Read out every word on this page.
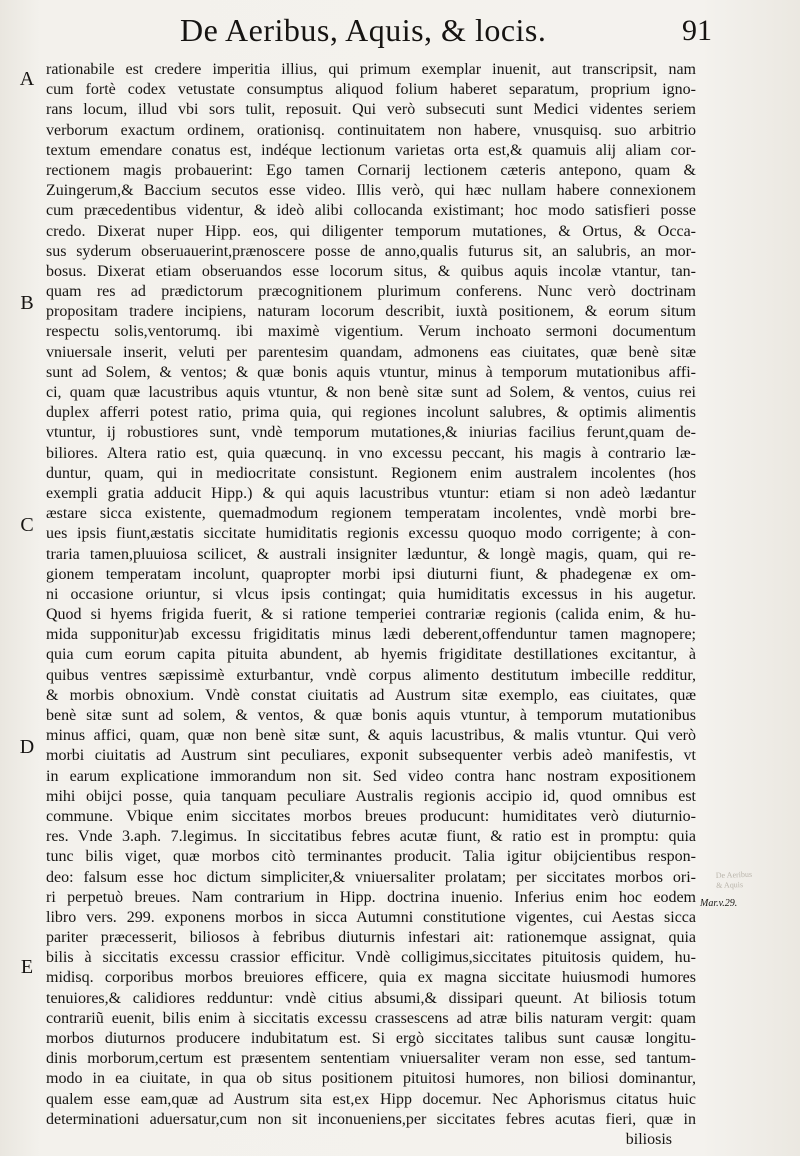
De Aeribus, Aquis, & locis.	91
A
B
C
D
E
De Aeribus
& Aquis
Mar.v.29.
rationabile est credere imperitia illius, qui primum exemplar inuenit, aut transcripsit, nam
cum fortè codex vetustate consumptus aliquod folium haberet separatum, proprium igno-
rans locum, illud vbi sors tulit, reposuit. Qui verò subsecuti sunt Medici videntes seriem
verborum exactum ordinem, orationisq. continuitatem non habere, vnusquisq. suo arbitrio
textum emendare conatus est, indéque lectionum varietas orta est,& quamuis alij aliam cor-
rectionem magis probauerint: Ego tamen Cornarij lectionem cæteris antepono, quam &
Zuingerum,& Baccium secutos esse video. Illis verò, qui hæc nullam habere connexionem
cum præcedentibus videntur, & ideò alibi collocanda existimant; hoc modo satisfieri posse
credo. Dixerat nuper Hipp. eos, qui diligenter temporum mutationes, & Ortus, & Occa-
sus syderum obseruauerint,prænoscere posse de anno,qualis futurus sit, an salubris, an mor-
bosus. Dixerat etiam obseruandos esse locorum situs, & quibus aquis incolæ vtantur, tan-
quam res ad prædictorum præcognitionem plurimum conferens. Nunc verò doctrinam
propositam tradere incipiens, naturam locorum describit, iuxtà positionem, & eorum situm
respectu solis,ventorumq. ibi maximè vigentium. Verum inchoato sermoni documentum
vniuersale inserit, veluti per parentesim quandam, admonens eas ciuitates, quæ benè sitæ
sunt ad Solem, & ventos; & quæ bonis aquis vtuntur, minus à temporum mutationibus affi-
ci, quam quæ lacustribus aquis vtuntur, & non benè sitæ sunt ad Solem, & ventos, cuius rei
duplex afferri potest ratio, prima quia, qui regiones incolunt salubres, & optimis alimentis
vtuntur, ij robustiores sunt, vndè temporum mutationes,& iniurias facilius ferunt,quam de-
biliores. Altera ratio est, quia quæcunq. in vno excessu peccant, his magis à contrario læ-
duntur, quam, qui in mediocritate consistunt. Regionem enim australem incolentes (hos
exempli gratia adducit Hipp.) & qui aquis lacustribus vtuntur: etiam si non adeò lædantur
æstare sicca existente, quemadmodum regionem temperatam incolentes, vndè morbi bre-
ues ipsis fiunt,æstatis siccitate humiditatis regionis excessu quoquo modo corrigente; à con-
traria tamen,pluuiosa scilicet, & australi insigniter læduntur, & longè magis, quam, qui re-
gionem temperatam incolunt, quapropter morbi ipsi diuturni fiunt, & phadegenæ ex om-
ni occasione oriuntur, si vlcus ipsis contingat; quia humiditatis excessus in his augetur.
Quod si hyems frigida fuerit, & si ratione temperiei contrariæ regionis (calida enim, & hu-
mida supponitur)ab excessu frigiditatis minus lædi deberent,offenduntur tamen magnopere;
quia cum eorum capita pituita abundent, ab hyemis frigiditate destillationes excitantur, à
quibus ventres sæpissimè exturbantur, vndè corpus alimento destitutum imbecille redditur,
& morbis obnoxium. Vndè constat ciuitatis ad Austrum sitæ exemplo, eas ciuitates, quæ
benè sitæ sunt ad solem, & ventos, & quæ bonis aquis vtuntur, à temporum mutationibus
minus affici, quam, quæ non benè sitæ sunt, & aquis lacustribus, & malis vtuntur. Qui verò
morbi ciuitatis ad Austrum sint peculiares, exponit subsequenter verbis adeò manifestis, vt
in earum explicatione immorandum non sit. Sed video contra hanc nostram expositionem
mihi obijci posse, quia tanquam peculiare Australis regionis accipio id, quod omnibus est
commune. Vbique enim siccitates morbos breues producunt: humiditates verò diuturnio-
res. Vnde 3.aph. 7.legimus. In siccitatibus febres acutæ fiunt, & ratio est in promptu: quia
tunc bilis viget, quæ morbos citò terminantes producit. Talia igitur obijcientibus respon-
deo: falsum esse hoc dictum simpliciter,& vniuersaliter prolatam; per siccitates morbos ori-
ri perpetuò breues. Nam contrarium in Hipp. doctrina inuenio. Inferius enim hoc eodem
libro vers. 299. exponens morbos in sicca Autumni constitutione vigentes, cui Aestas sicca
pariter præcesserit, biliosos à febribus diuturnis infestari ait: rationemque assignat, quia
bilis à siccitatis excessu crassior efficitur. Vndè colligimus,siccitates pituitosis quidem, hu-
midisq. corporibus morbos breuiores efficere, quia ex magna siccitate huiusmodi humores
tenuiores,& calidiores redduntur: vndè citius absumi,& dissipari queunt. At biliosis totum
contrariũ euenit, bilis enim à siccitatis excessu crassescens ad atræ bilis naturam vergit: quam
morbos diuturnos producere indubitatum est. Si ergò siccitates talibus sunt causæ longitu-
dinis morborum,certum est præsentem sententiam vniuersaliter veram non esse, sed tantum-
modo in ea ciuitate, in qua ob situs positionem pituitosi humores, non biliosi dominantur,
qualem esse eam,quæ ad Austrum sita est,ex Hipp docemur. Nec Aphorismus citatus huic
determinationi aduersatur,cum non sit inconueniens,per siccitates febres acutas fieri, quæ in
biliosis
